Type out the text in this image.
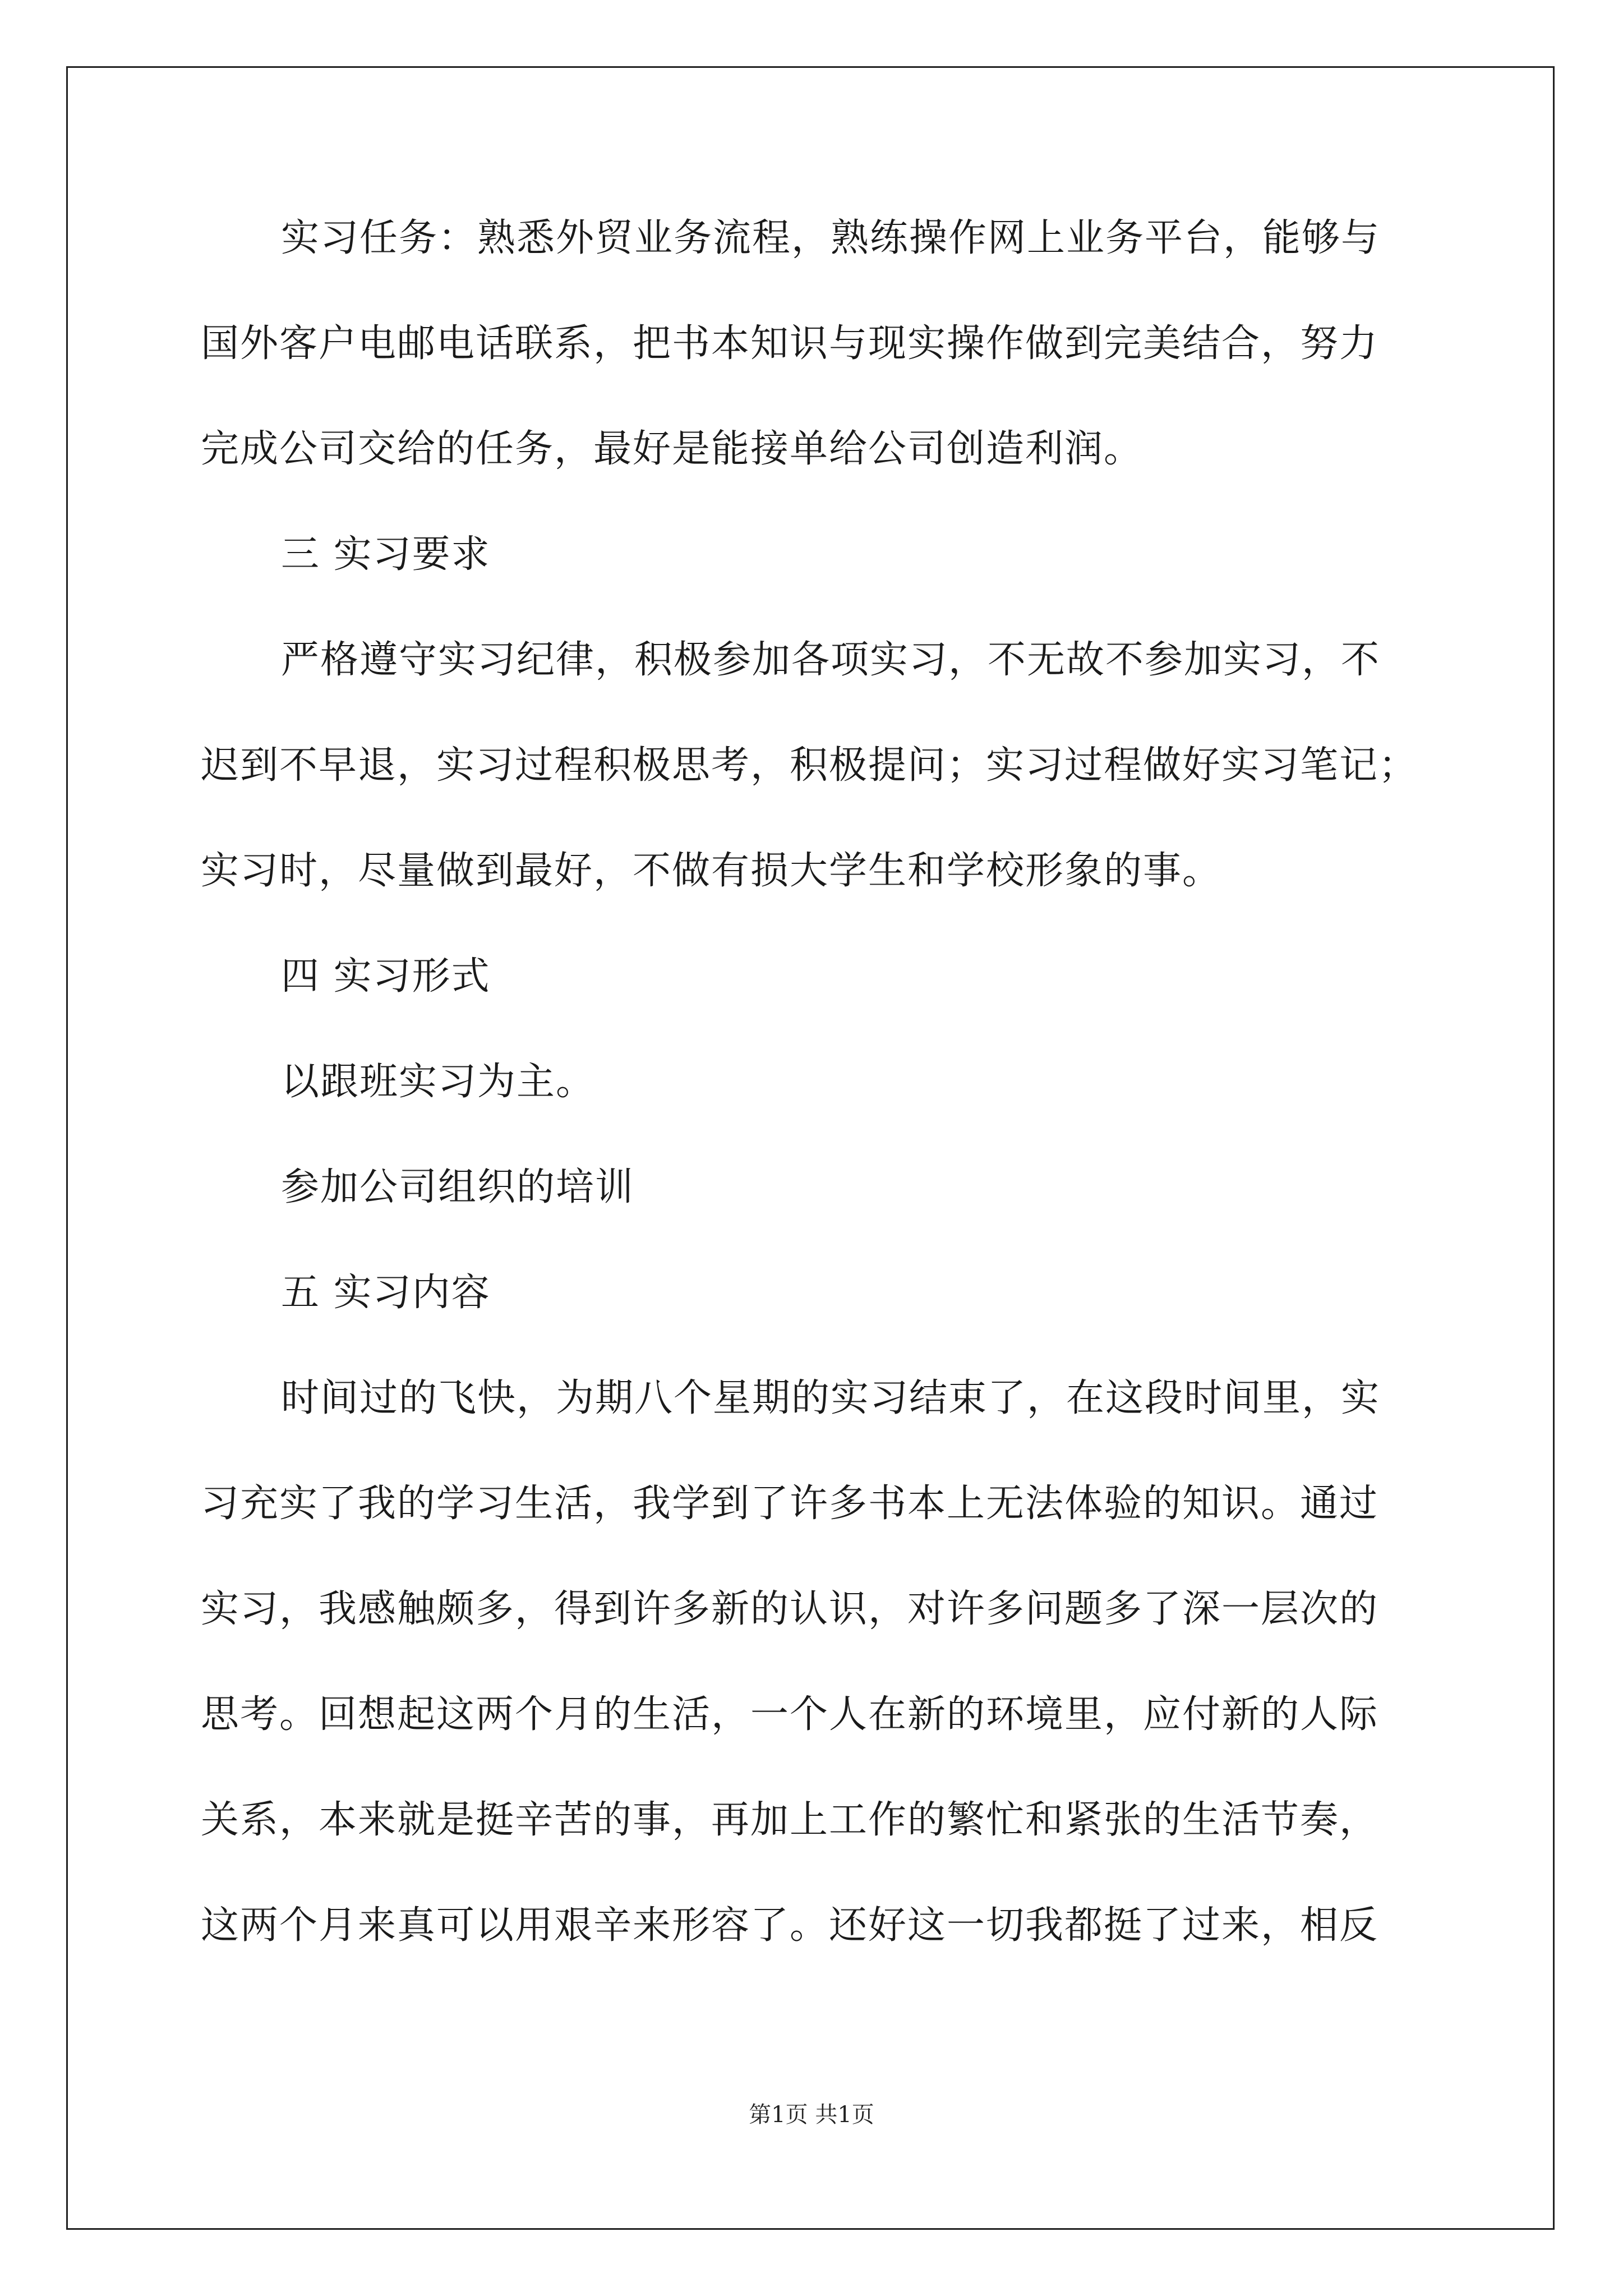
实习任务：熟悉外贸业务流程，熟练操作网上业务平台，能够与
国外客户电邮电话联系，把书本知识与现实操作做到完美结合，努力
完成公司交给的任务，最好是能接单给公司创造利润。
三 实习要求
严格遵守实习纪律，积极参加各项实习，不无故不参加实习，不
迟到不早退，实习过程积极思考，积极提问；实习过程做好实习笔记；
实习时，尽量做到最好，不做有损大学生和学校形象的事。
四 实习形式
以跟班实习为主。
参加公司组织的培训
五 实习内容
时间过的飞快，为期八个星期的实习结束了，在这段时间里，实
习充实了我的学习生活，我学到了许多书本上无法体验的知识。通过
实习，我感触颇多，得到许多新的认识，对许多问题多了深一层次的
思考。回想起这两个月的生活，一个人在新的环境里，应付新的人际
关系，本来就是挺辛苦的事，再加上工作的繁忙和紧张的生活节奏，
这两个月来真可以用艰辛来形容了。还好这一切我都挺了过来，相反
第1页 共1页
